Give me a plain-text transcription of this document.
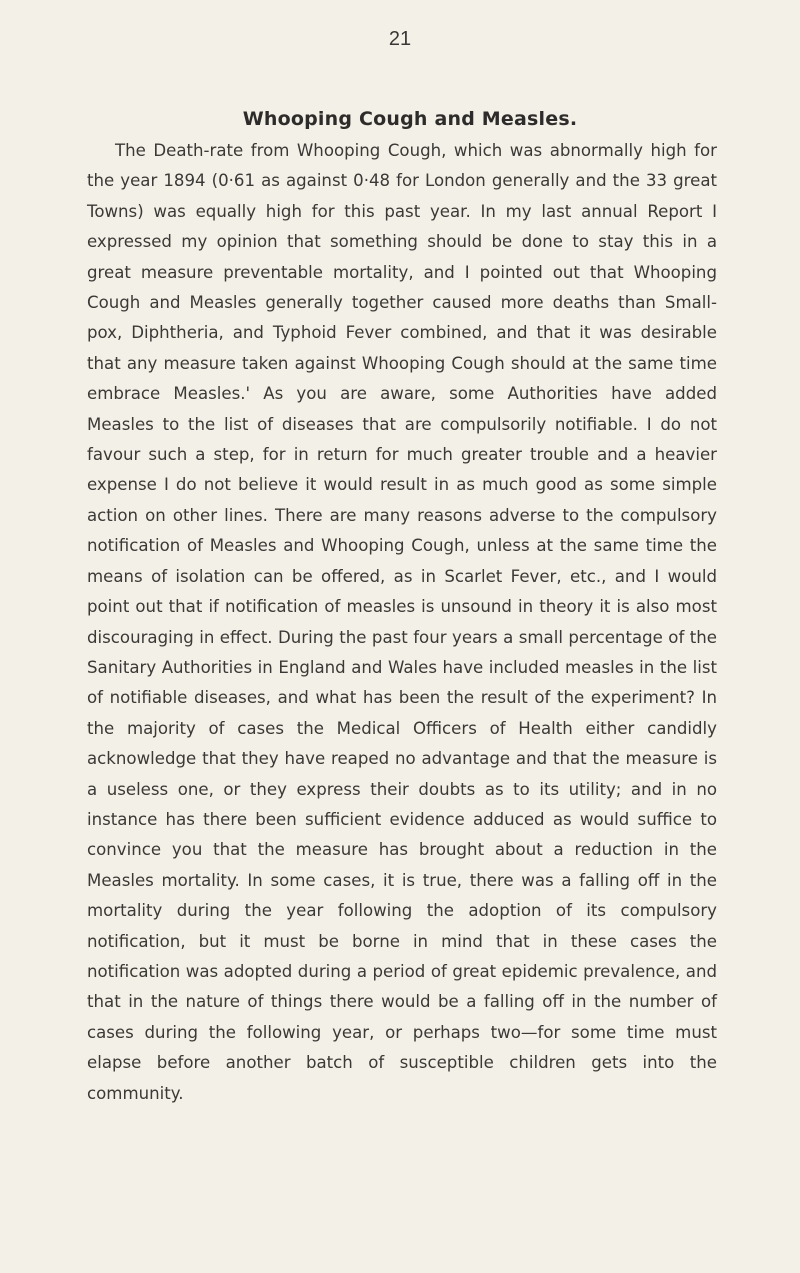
21
Whooping Cough and Measles.

The Death-rate from Whooping Cough, which was abnormally high for the year 1894 (0·61 as against 0·48 for London generally and the 33 great Towns) was equally high for this past year. In my last annual Report I expressed my opinion that something should be done to stay this in a great measure preventable mortality, and I pointed out that Whooping Cough and Measles generally together caused more deaths than Small-pox, Diphtheria, and Typhoid Fever combined, and that it was desirable that any measure taken against Whooping Cough should at the same time embrace Measles.' As you are aware, some Authorities have added Measles to the list of diseases that are compulsorily notifiable. I do not favour such a step, for in return for much greater trouble and a heavier expense I do not believe it would result in as much good as some simple action on other lines. There are many reasons adverse to the compulsory notification of Measles and Whooping Cough, unless at the same time the means of isolation can be offered, as in Scarlet Fever, etc., and I would point out that if notification of measles is unsound in theory it is also most discouraging in effect. During the past four years a small percentage of the Sanitary Authorities in England and Wales have included measles in the list of notifiable diseases, and what has been the result of the experiment? In the majority of cases the Medical Officers of Health either candidly acknowledge that they have reaped no advantage and that the measure is a useless one, or they express their doubts as to its utility; and in no instance has there been sufficient evidence adduced as would suffice to convince you that the measure has brought about a reduction in the Measles mortality. In some cases, it is true, there was a falling off in the mortality during the year following the adoption of its compulsory notification, but it must be borne in mind that in these cases the notification was adopted during a period of great epidemic prevalence, and that in the nature of things there would be a falling off in the number of cases during the following year, or perhaps two—for some time must elapse before another batch of susceptible children gets into the community.
